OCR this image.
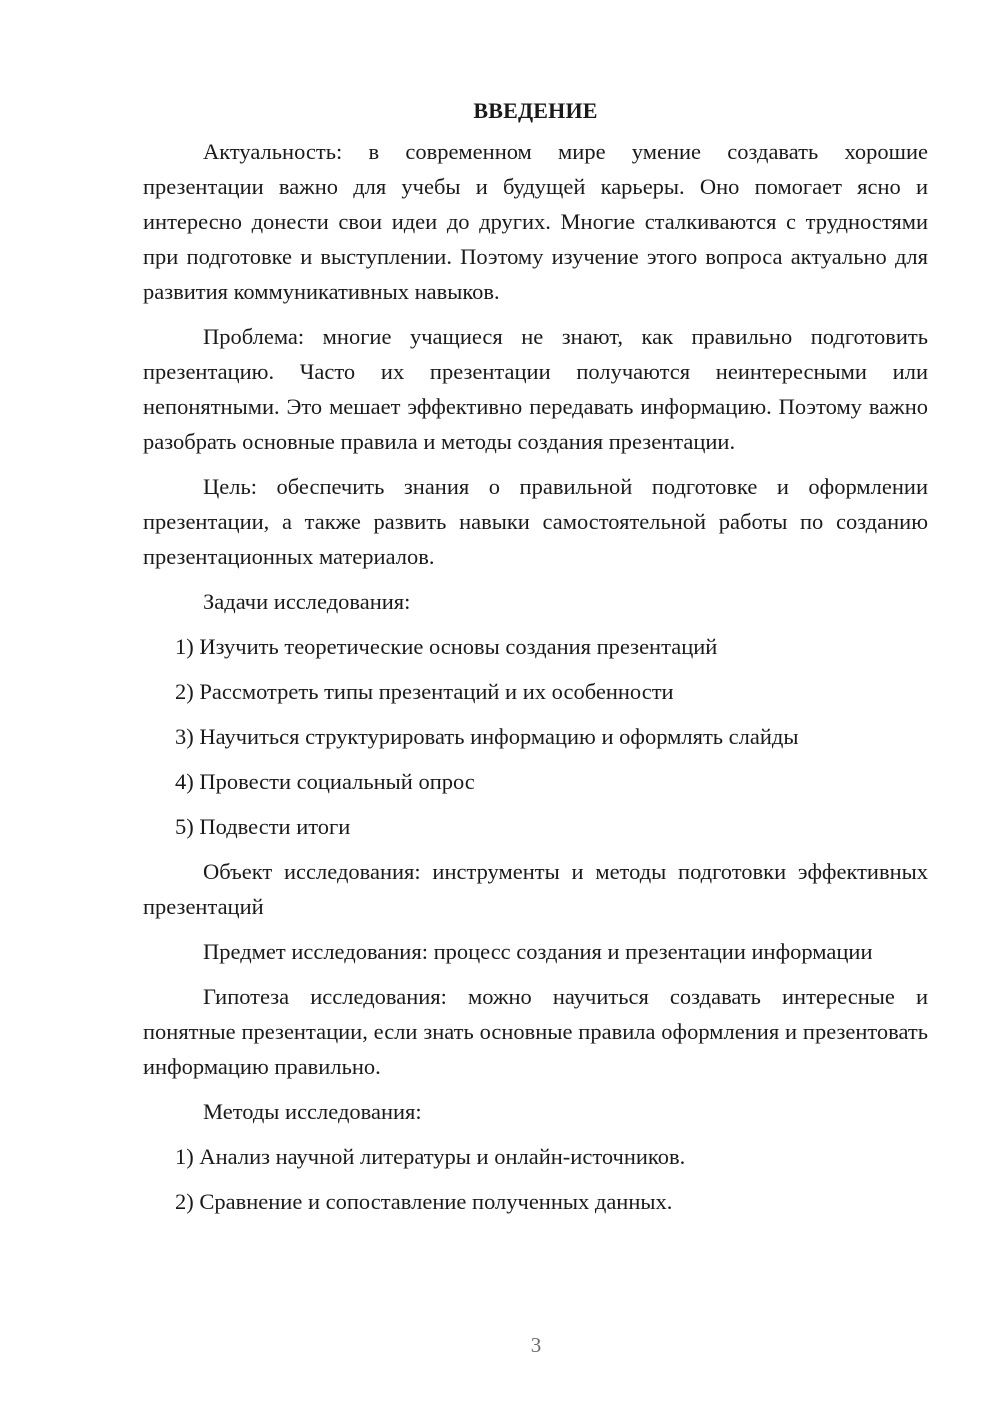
ВВЕДЕНИЕ

Актуальность: в современном мире умение создавать хорошие презентации важно для учебы и будущей карьеры. Оно помогает ясно и интересно донести свои идеи до других. Многие сталкиваются с трудностями при подготовке и выступлении. Поэтому изучение этого вопроса актуально для развития коммуникативных навыков.

Проблема: многие учащиеся не знают, как правильно подготовить презентацию. Часто их презентации получаются неинтересными или непонятными. Это мешает эффективно передавать информацию. Поэтому важно разобрать основные правила и методы создания презентации.

Цель: обеспечить знания о правильной подготовке и оформлении презентации, а также развить навыки самостоятельной работы по созданию презентационных материалов.

Задачи исследования:

1) Изучить теоретические основы создания презентаций
2) Рассмотреть типы презентаций и их особенности
3) Научиться структурировать информацию и оформлять слайды
4) Провести социальный опрос
5) Подвести итоги

Объект исследования: инструменты и методы подготовки эффективных презентаций

Предмет исследования: процесс создания и презентации информации

Гипотеза исследования: можно научиться создавать интересные и понятные презентации, если знать основные правила оформления и презентовать информацию правильно.

Методы исследования:

1) Анализ научной литературы и онлайн-источников.
2) Сравнение и сопоставление полученных данных.
3
